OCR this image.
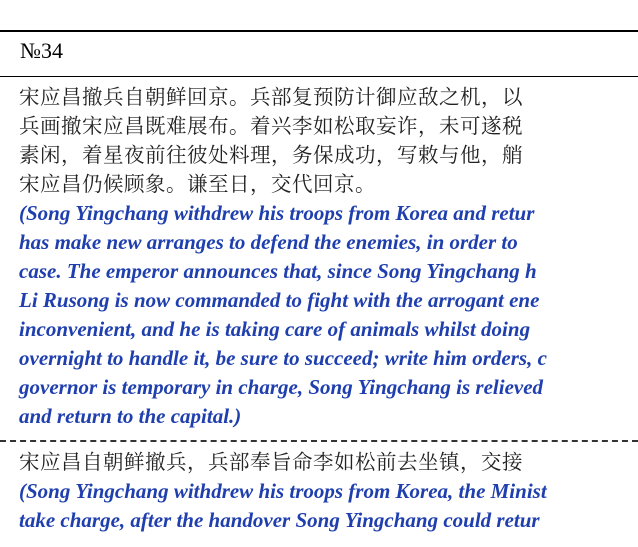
№34
宋应昌撤兵自朝鲜回京。兵部复预防计御应敌之机，以
兵画撤宋应昌既难展布。着兴李如松取妄诈，未可遂税
素闲，着星夜前往彼处料理，务保成功，写敕与他，艄
宋应昌仍候顾象。谦至日，交代回京。
(Song Yingchang withdrew his troops from Korea and retur
has make new arranges to defend the enemies, in order to
case. The emperor announces that, since Song Yingchang h
Li Rusong is now commanded to fight with the arrogant ene
inconvenient, and he is taking care of animals whilst doing
overnight to handle it, be sure to succeed; write him orders, c
governor is temporary in charge, Song Yingchang is relieved
and return to the capital.)
宋应昌自朝鲜撤兵，兵部奉旨命李如松前去坐镇，交接
(Song Yingchang withdrew his troops from Korea, the Minist
take charge, after the handover Song Yingchang could retur
